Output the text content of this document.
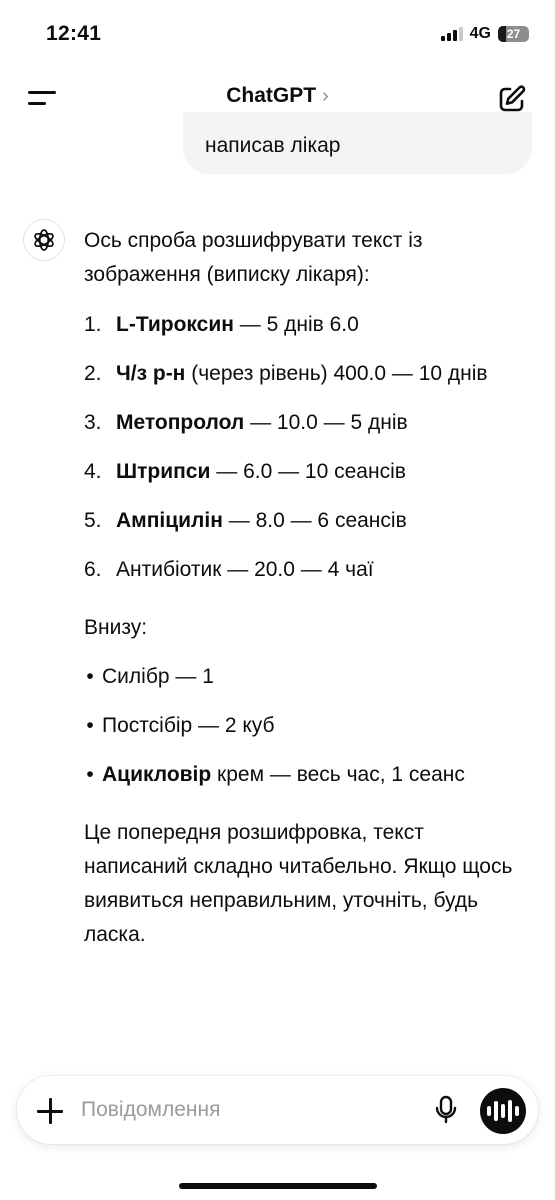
12:41	4G 27
ChatGPT ›
написав лікар
Ось спроба розшифрувати текст із зображення (виписку лікаря):
1. L-Тироксин — 5 днів 6.0
2. Ч/з р-н (через рівень) 400.0 — 10 днів
3. Метопролол — 10.0 — 5 днів
4. Штрипси — 6.0 — 10 сеансів
5. Ампіцилін — 8.0 — 6 сеансів
6. Антибіотик — 20.0 — 4 чаї
Внизу:
• Силібр — 1
• Постсібір — 2 куб
• Ацикловір крем — весь час, 1 сеанс
Це попередня розшифровка, текст написаний складно читабельно. Якщо щось виявиться неправильним, уточніть, будь ласка.
Повідомлення
